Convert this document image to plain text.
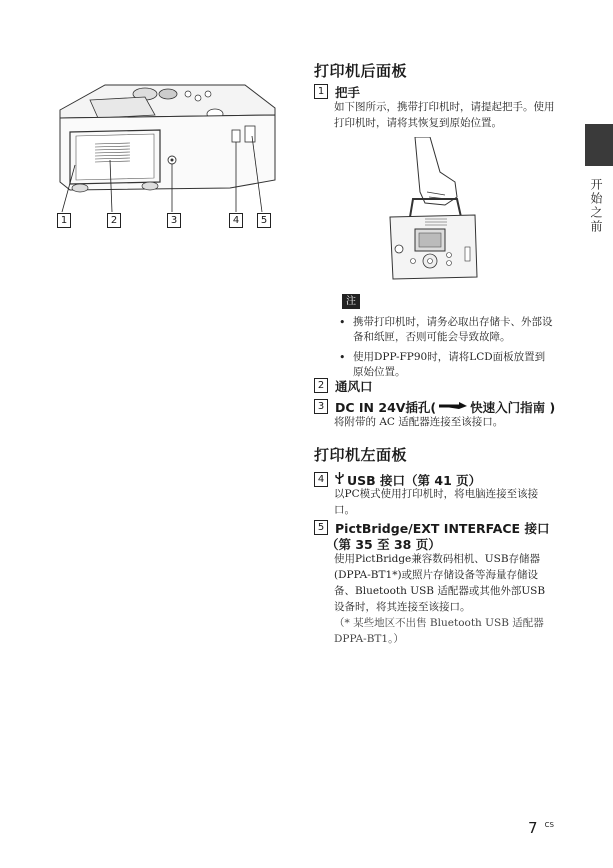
1	2	3	4	5
打印机后面板
1 把手
如下图所示，携带打印机时，请提起把手。使用打印机时，请将其恢复到原始位置。
注
• 携带打印机时，请务必取出存储卡、外部设备和纸匣，否则可能会导致故障。
• 使用DPP-FP90时，请将LCD面板放置到原始位置。
2 通风口
3 DC IN 24V插孔(	快速入门指南 )
将附带的 AC 适配器连接至该接口。
打印机左面板
4	USB 接口（第 41 页）
以PC模式使用打印机时，将电脑连接至该接口。
5 PictBridge/EXT INTERFACE 接口
（第 35 至 38 页）
使用PictBridge兼容数码相机、USB存储器(DPPA-BT1*)或照片存储设备等海量存储设备、Bluetooth USB 适配器或其他外部USB 设备时，将其连接至该接口。
（* 某些地区不出售 Bluetooth USB 适配器 DPPA-BT1。）
开始之前
7 $^{CS}$
